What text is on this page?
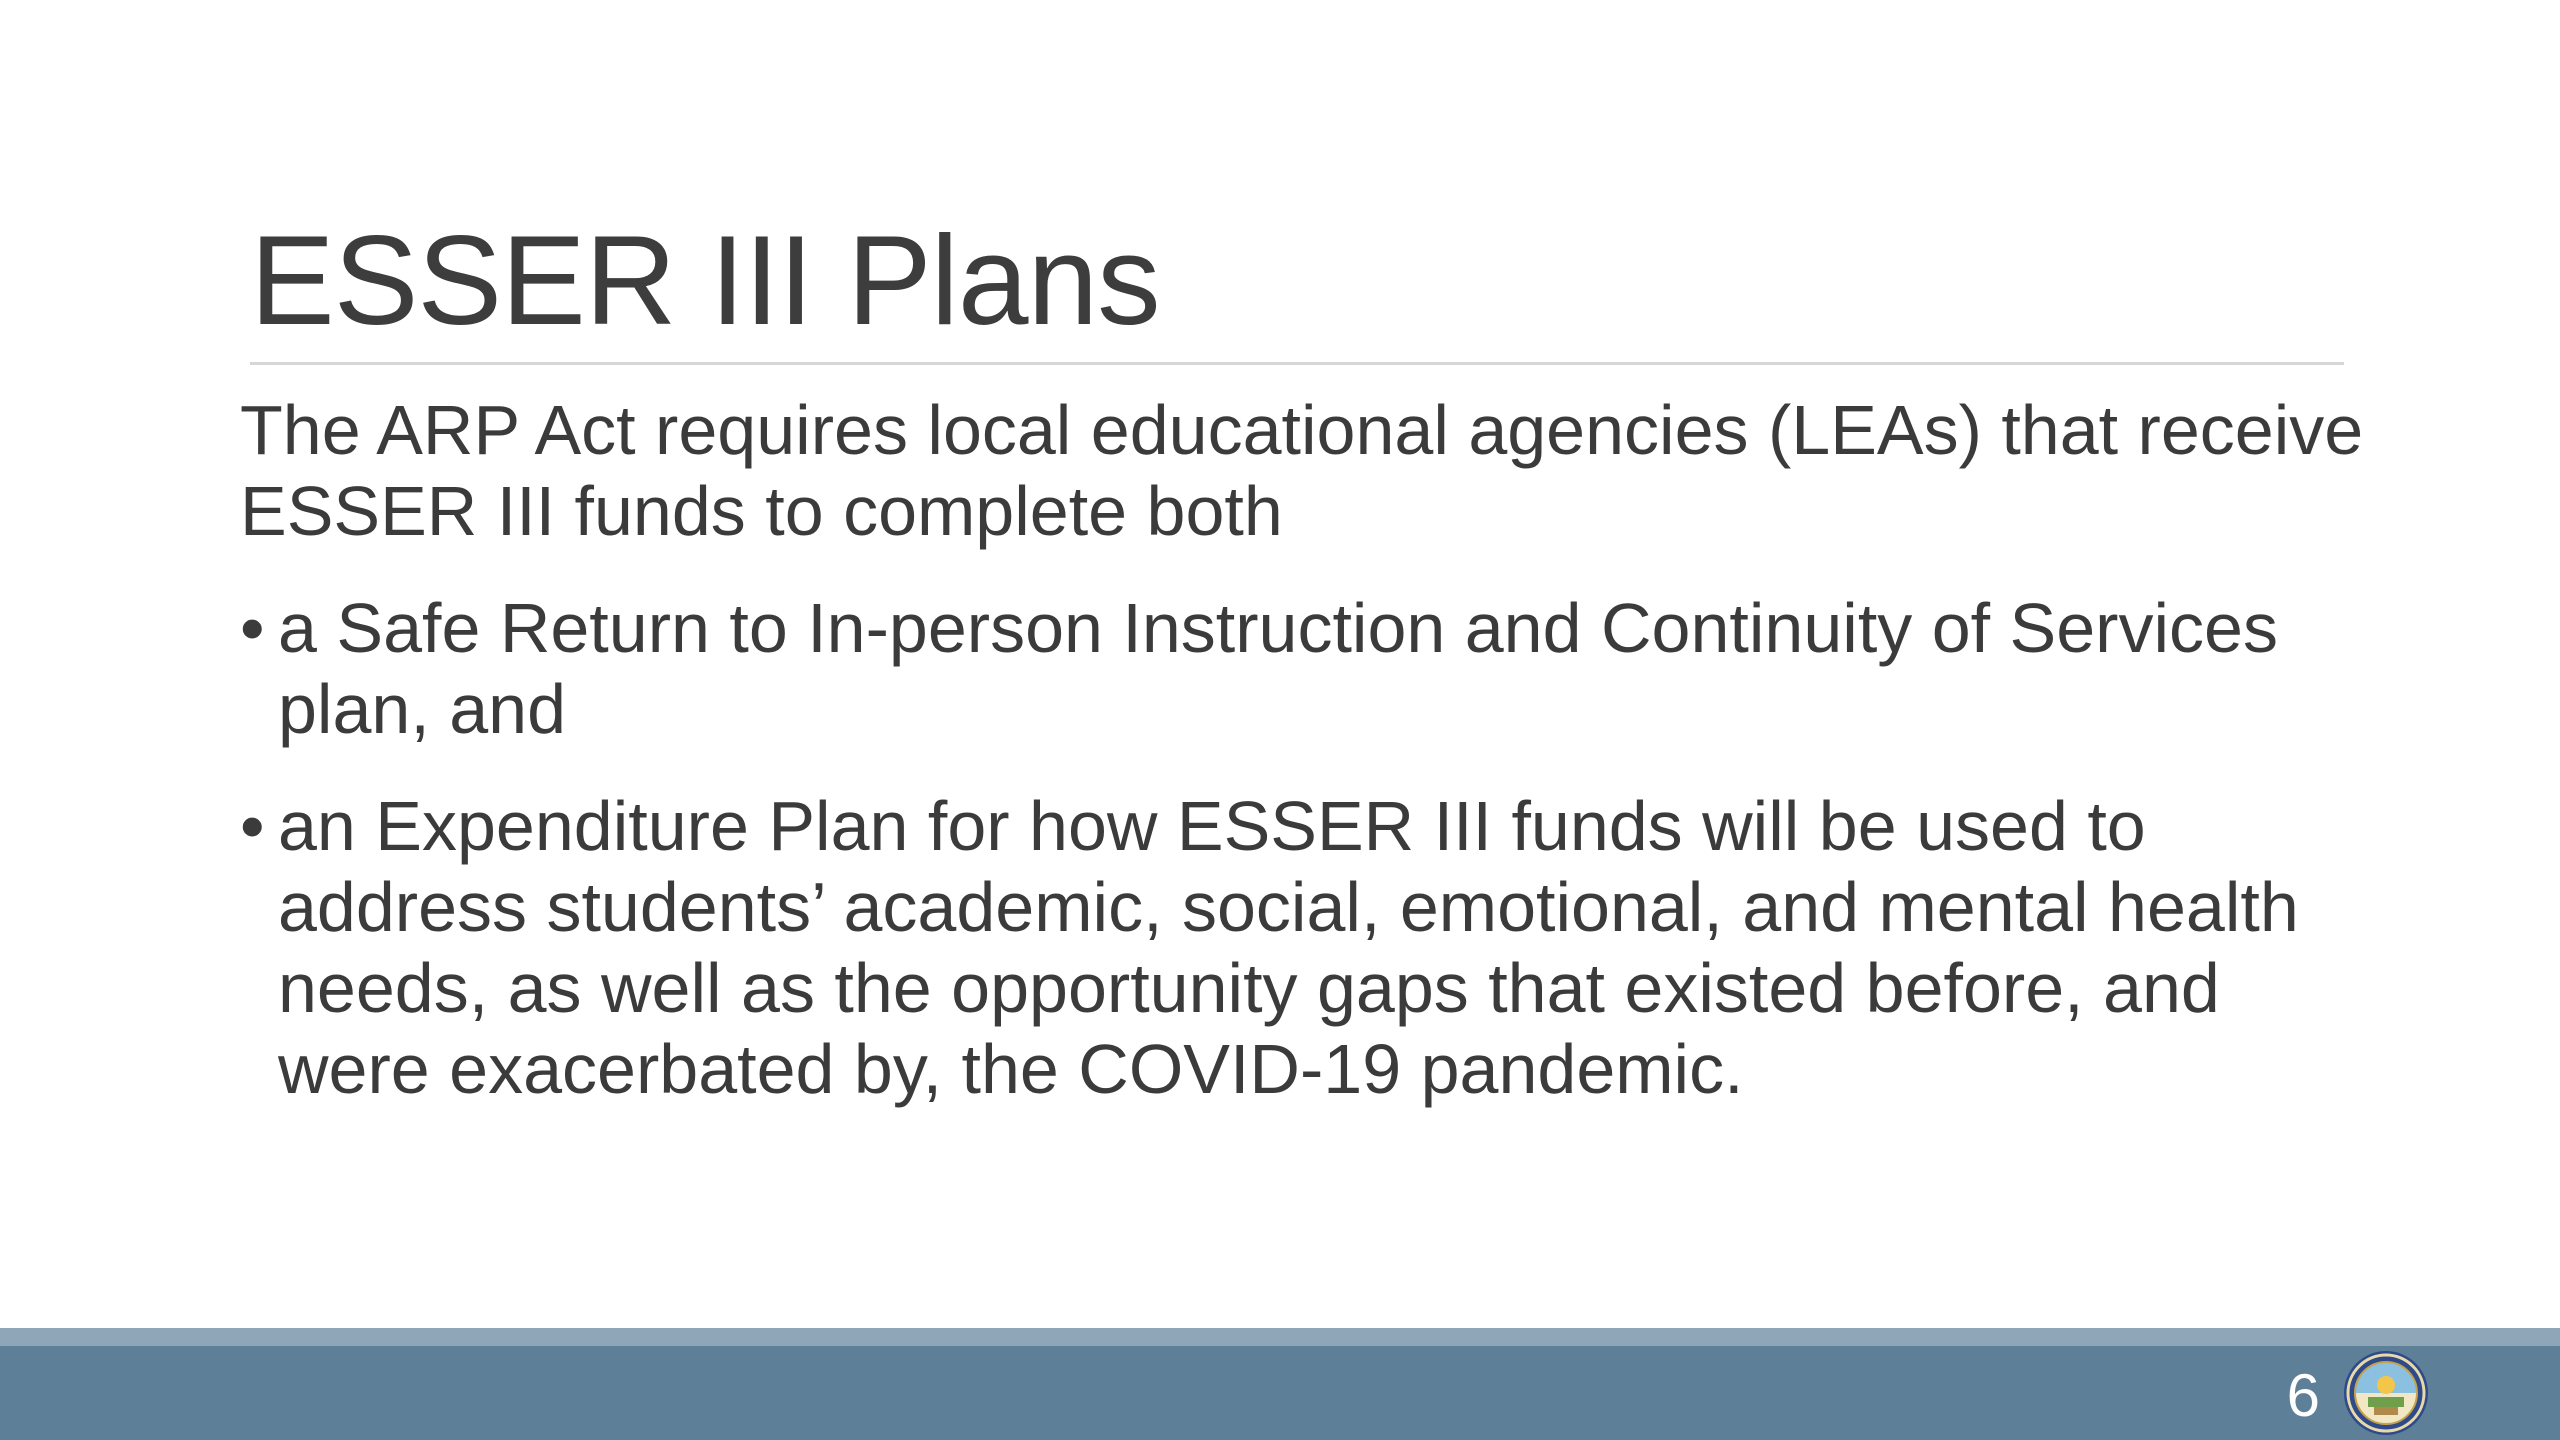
ESSER III Plans

The ARP Act requires local educational agencies (LEAs) that receive ESSER III funds to complete both

• a Safe Return to In-person Instruction and Continuity of Services plan, and
• an Expenditure Plan for how ESSER III funds will be used to address students’ academic, social, emotional, and mental health needs, as well as the opportunity gaps that existed before, and were exacerbated by, the COVID-19 pandemic.
6
